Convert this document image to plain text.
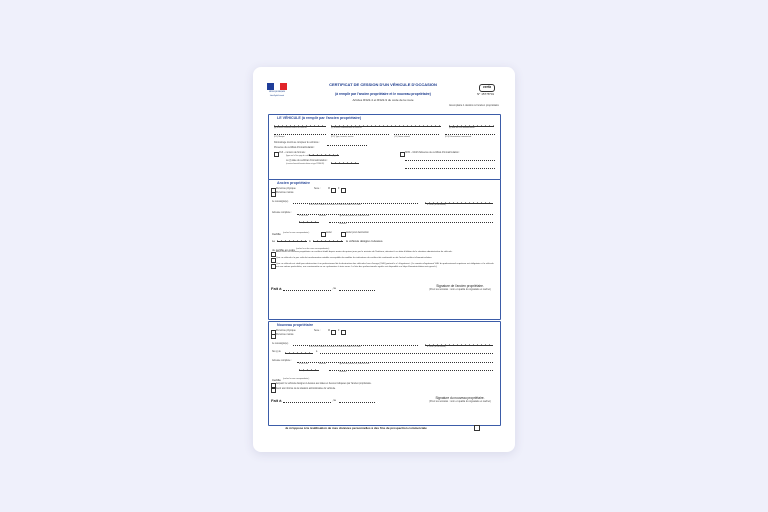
RÉPUBLIQUE FRANÇAISE
Liberté Égalité Fraternité
CERTIFICAT DE CESSION D'UN VÉHICULE D'OCCASION
(à remplir par l'ancien propriétaire et le nouveau propriétaire)
Articles R322-4 et R322-9 du code de la route
cerfa
N° 15776*01
Exemplaire 1 destiné à l'ancien propriétaire
LE VÉHICULE (à remplir par l'ancien propriétaire)
(A) Numéro d'immatriculation du véhicule	(E) Numéro d'identification du véhicule	(B) date de 1ère immatriculation
(D.1) Marque	(D.2) Type, variante, version	(J.1) Genre national	(D.3) Dénomination commerciale
Kilométrage inscrit au compteur du véhicule :
Présence du certificat d'immatriculation :
OUI – numéro de formule :
(figure sur le 1ère page du certificat d'immatriculation en haut de page)
NON – Motif d'absence de certificat d'immatriculation :
ou (I) date du certificat d'immatriculation :
(si ancien format d'immatriculation en type 123 AB 45)
Ancien propriétaire
Personne physique	Sexe :	M	F
Personne morale
Je soussigné(e)
NOM, NOM D'USAGE le cas échéant et PRÉNOM ou RAISON SOCIALE	N° SIRET (le cas échéant)
Adresse complète :
N° de la voie	Extension	Type de voie (avenue, etc.) Nom de la voie
Code postal
Commune
Certifie (cocher la case correspondante) :	céder	céder pour destruction
Le	à	le véhicule désigné ci-dessus.
Je certifie en outre (cocher la ou les cases correspondantes) :
Avoir remis au nouveau propriétaire un certificat établi depuis moins de quinze jours par le ministre de l'Intérieur, attestant à sa date d'édition de la situation administrative du véhicule.
Que ce véhicule n'a pas subi de transformation notable susceptible de modifier les indications du certificat de conformité ou de l'actuel certificat d'immatriculation.
Que ce véhicule est cédé pour destruction à un professionnel de la destruction des véhicules hors d'usage (VHU) portant le n° d'agrément : (Le numéro d'agrément VHU du professionnel acquéreur est obligatoire si le véhicule est une voiture particulière, une camionnette ou un cyclomoteur à trois roues. La liste des professionnels agréés est disponible sur https://immatriculation.ants.gouv.fr).
Fait à	, le	Signature de l'ancien propriétaire.
(Pour les sociétés : nom et qualité du signataire et cachet)
Nouveau propriétaire
Personne physique	Sexe :	M	F
Personne morale
Je soussigné(e)
NOM, NOM D'USAGE le cas échéant et PRÉNOM ou RAISON SOCIALE	N° SIRET (le cas échéant)
Né (e) le	à
Adresse complète :
N° de la voie	Extension	Type de voie (avenue, etc.) Nom de la voie
Code postal
Commune
Certifie (cocher la case correspondante) :
Acquérir le véhicule désigné ci-dessus aux dates et heures indiquées par l'ancien propriétaire.
Avoir été informé de la situation administrative du véhicule.
Fait à	, le	Signature du nouveau propriétaire.
(Pour les sociétés : nom et qualité du signataire et cachet)
Je m'oppose à la réutilisation de mes données personnelles à des fins de prospection commerciale
